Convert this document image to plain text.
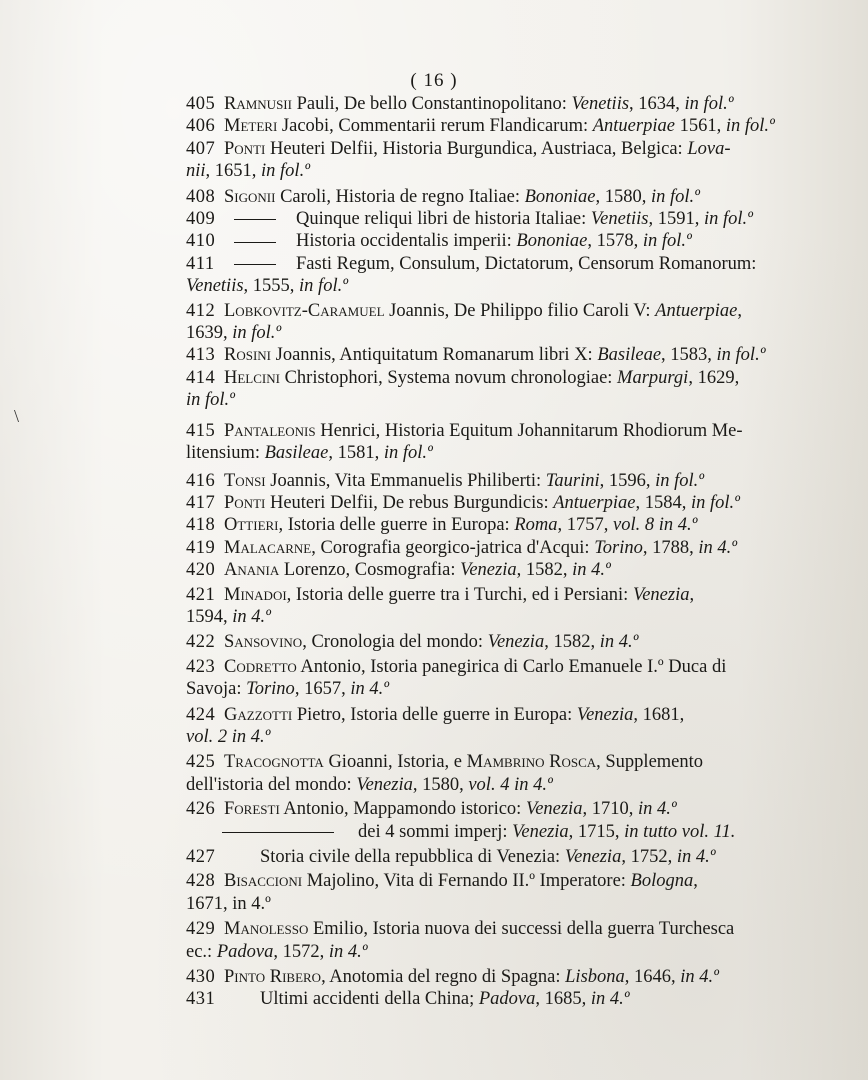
( 16 )
\
405 Ramnusii Pauli, De bello Constantinopolitano: Venetiis, 1634, in fol.º
406 Meteri Jacobi, Commentarii rerum Flandicarum: Antuerpiae 1561, in fol.º
407 Ponti Heuteri Delfii, Historia Burgundica, Austriaca, Belgica: Lova-
nii, 1651, in fol.º
408 Sigonii Caroli, Historia de regno Italiae: Bononiae, 1580, in fol.º
409	Quinque reliqui libri de historia Italiae: Venetiis, 1591, in fol.º
410	Historia occidentalis imperii: Bononiae, 1578, in fol.º
411	Fasti Regum, Consulum, Dictatorum, Censorum Romanorum:
Venetiis, 1555, in fol.º
412 Lobkovitz-Caramuel Joannis, De Philippo filio Caroli V: Antuerpiae,
1639, in fol.º
413 Rosini Joannis, Antiquitatum Romanarum libri X: Basileae, 1583, in fol.º
414 Helcini Christophori, Systema novum chronologiae: Marpurgi, 1629,
in fol.º
415 Pantaleonis Henrici, Historia Equitum Johannitarum Rhodiorum Me-
litensium: Basileae, 1581, in fol.º
416 Tonsi Joannis, Vita Emmanuelis Philiberti: Taurini, 1596, in fol.º
417 Ponti Heuteri Delfii, De rebus Burgundicis: Antuerpiae, 1584, in fol.º
418 Ottieri, Istoria delle guerre in Europa: Roma, 1757, vol. 8 in 4.º
419 Malacarne, Corografia georgico-jatrica d'Acqui: Torino, 1788, in 4.º
420 Anania Lorenzo, Cosmografia: Venezia, 1582, in 4.º
421 Minadoi, Istoria delle guerre tra i Turchi, ed i Persiani: Venezia,
1594, in 4.º
422 Sansovino, Cronologia del mondo: Venezia, 1582, in 4.º
423 Codretto Antonio, Istoria panegirica di Carlo Emanuele I.º Duca di
Savoja: Torino, 1657, in 4.º
424 Gazzotti Pietro, Istoria delle guerre in Europa: Venezia, 1681,
vol. 2 in 4.º
425 Tracognotta Gioanni, Istoria, e Mambrino Rosca, Supplemento
dell'istoria del mondo: Venezia, 1580, vol. 4 in 4.º
426 Foresti Antonio, Mappamondo istorico: Venezia, 1710, in 4.º
dei 4 sommi imperj: Venezia, 1715, in tutto vol. 11.
427 Storia civile della repubblica di Venezia: Venezia, 1752, in 4.º
428 Bisaccioni Majolino, Vita di Fernando II.º Imperatore: Bologna,
1671, in 4.º
429 Manolesso Emilio, Istoria nuova dei successi della guerra Turchesca
ec.: Padova, 1572, in 4.º
430 Pinto Ribero, Anotomia del regno di Spagna: Lisbona, 1646, in 4.º
431 Ultimi accidenti della China; Padova, 1685, in 4.º
